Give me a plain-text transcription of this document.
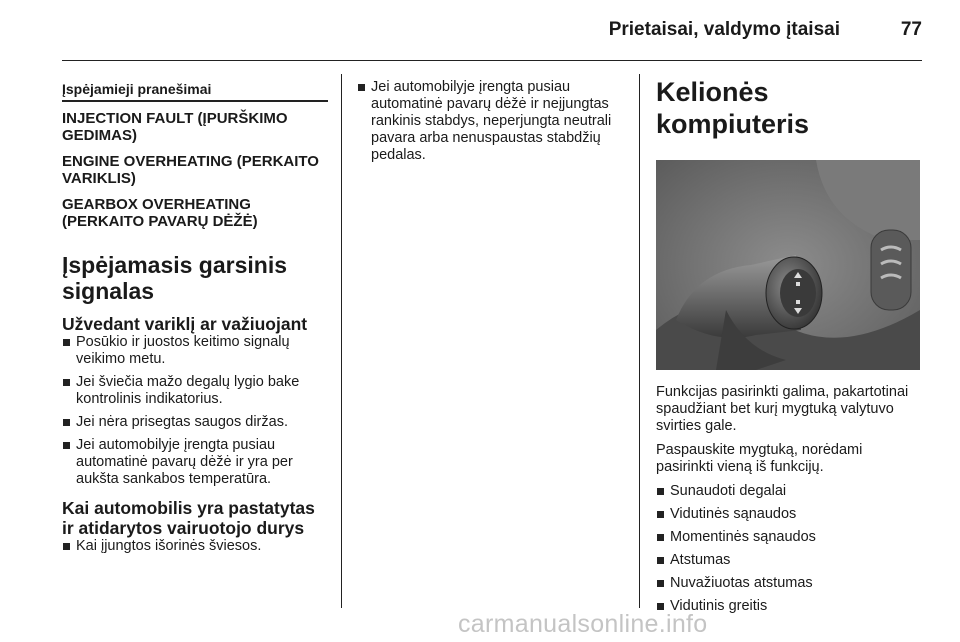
Prietaisai, valdymo įtaisai	77
Įspėjamieji pranešimai
INJECTION FAULT (ĮPURŠKIMO GEDIMAS)
ENGINE OVERHEATING (PERKAITO VARIKLIS)
GEARBOX OVERHEATING (PERKAITO PAVARŲ DĖŽĖ)
Įspėjamasis garsinis signalas
Užvedant variklį ar važiuojant
Posūkio ir juostos keitimo signalų veikimo metu.
Jei šviečia mažo degalų lygio bake kontrolinis indikatorius.
Jei nėra prisegtas saugos diržas.
Jei automobilyje įrengta pusiau automatinė pavarų dėžė ir yra per aukšta sankabos temperatūra.
Kai automobilis yra pastatytas ir atidarytos vairuotojo durys
Kai įjungtos išorinės šviesos.
Jei automobilyje įrengta pusiau automatinė pavarų dėžė ir neįjungtas rankinis stabdys, neperjungta neutrali pavara arba nenuspaustas stabdžių pedalas.
Kelionės kompiuteris

Funkcijas pasirinkti galima, pakartotinai spaudžiant bet kurį mygtuką valytuvo svirties gale.

Paspauskite mygtuką, norėdami pasirinkti vieną iš funkcijų.

Sunaudoti degalai
Vidutinės sąnaudos
Momentinės sąnaudos
Atstumas
Nuvažiuotas atstumas
Vidutinis greitis
carmanualsonline.info
